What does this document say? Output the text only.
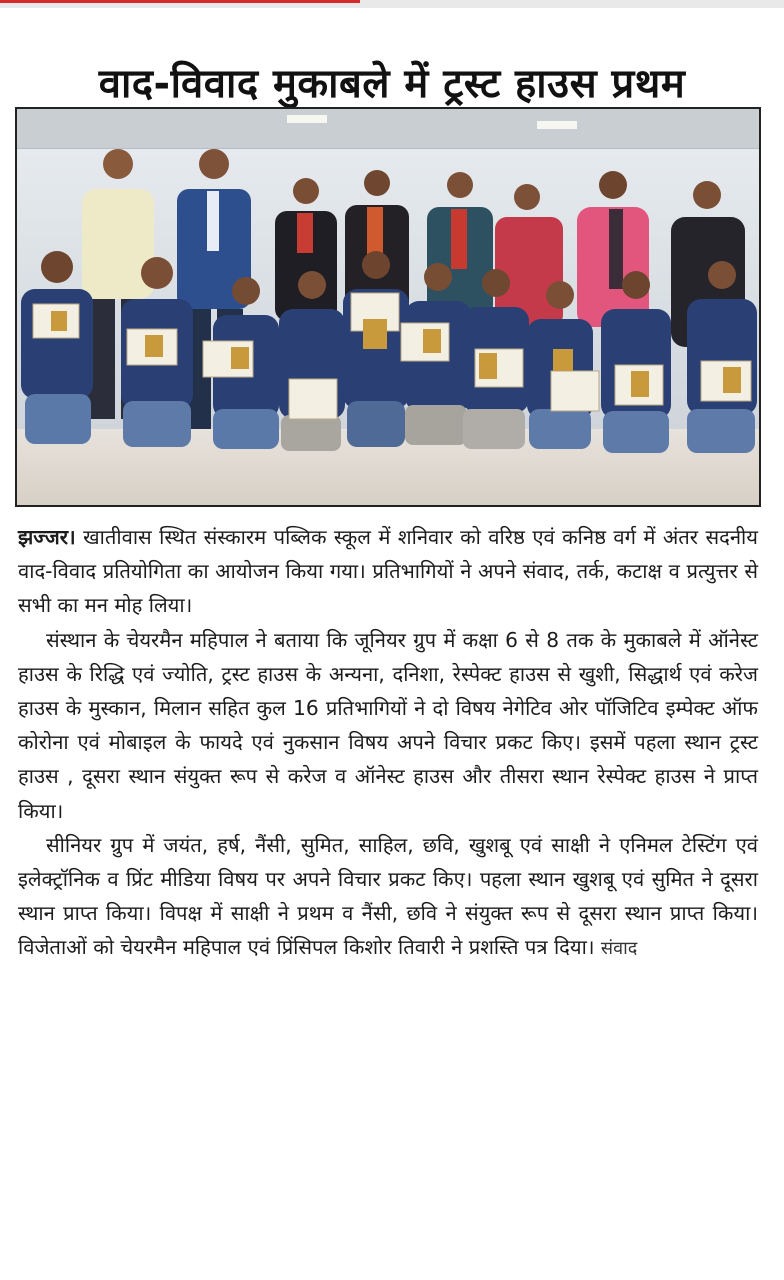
वाद-विवाद मुकाबले में ट्रस्ट हाउस प्रथम

झज्जर। खातीवास स्थित संस्कारम पब्लिक स्कूल में शनिवार को वरिष्ठ एवं कनिष्ठ वर्ग में अंतर सदनीय वाद-विवाद प्रतियोगिता का आयोजन किया गया। प्रतिभागियों ने अपने संवाद, तर्क, कटाक्ष व प्रत्युत्तर से सभी का मन मोह लिया।

संस्थान के चेयरमैन महिपाल ने बताया कि जूनियर ग्रुप में कक्षा 6 से 8 तक के मुकाबले में ऑनेस्ट हाउस के रिद्धि एवं ज्योति, ट्रस्ट हाउस के अन्यना, दनिशा, रेस्पेक्ट हाउस से खुशी, सिद्धार्थ एवं करेज हाउस के मुस्कान, मिलान सहित कुल 16 प्रतिभागियों ने दो विषय नेगेटिव ओर पॉजिटिव इम्पेक्ट ऑफ कोरोना एवं मोबाइल के फायदे एवं नुकसान विषय अपने विचार प्रकट किए। इसमें पहला स्थान ट्रस्ट हाउस , दूसरा स्थान संयुक्त रूप से करेज व ऑनेस्ट हाउस और तीसरा स्थान रेस्पेक्ट हाउस ने प्राप्त किया।

सीनियर ग्रुप में जयंत, हर्ष, नैंसी, सुमित, साहिल, छवि, खुशबू एवं साक्षी ने एनिमल टेस्टिंग एवं इलेक्ट्रॉनिक व प्रिंट मीडिया विषय पर अपने विचार प्रकट किए। पहला स्थान खुशबू एवं सुमित ने दूसरा स्थान प्राप्त किया। विपक्ष में साक्षी ने प्रथम व नैंसी, छवि ने संयुक्त रूप से दूसरा स्थान प्राप्त किया। विजेताओं को चेयरमैन महिपाल एवं प्रिंसिपल किशोर तिवारी ने प्रशस्ति पत्र दिया। संवाद
